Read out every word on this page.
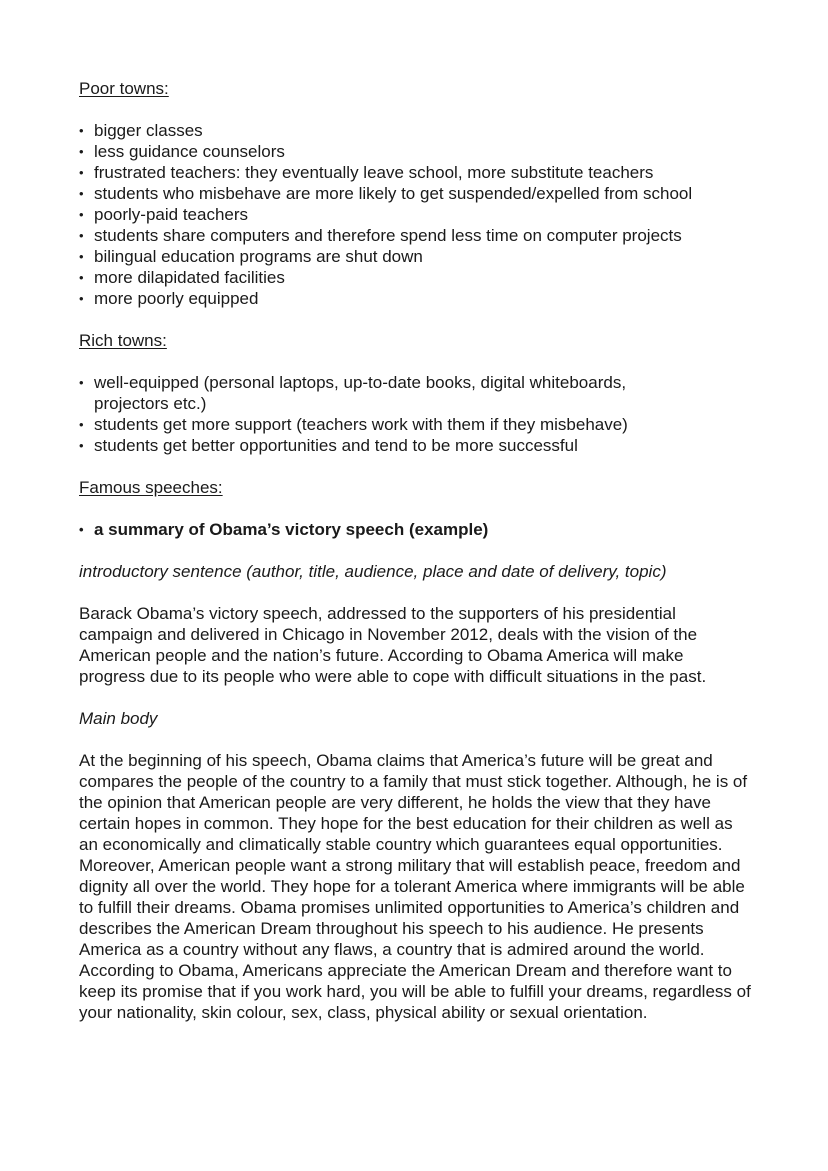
Poor towns:

• bigger classes
• less guidance counselors
• frustrated teachers: they eventually leave school, more substitute teachers
• students who misbehave are more likely to get suspended/expelled from school
• poorly-paid teachers
• students share computers and therefore spend less time on computer projects
• bilingual education programs are shut down
• more dilapidated facilities
• more poorly equipped

Rich towns:

• well-equipped (personal laptops, up-to-date books, digital whiteboards, projectors etc.)
• students get more support (teachers work with them if they misbehave)
• students get better opportunities and tend to be more successful

Famous speeches:

• a summary of Obama’s victory speech (example)

introductory sentence (author, title, audience, place and date of delivery, topic)

Barack Obama’s victory speech, addressed to the supporters of his presidential campaign and delivered in Chicago in November 2012, deals with the vision of the American people and the nation’s future. According to Obama America will make progress due to its people who were able to cope with difficult situations in the past.

Main body

At the beginning of his speech, Obama claims that America’s future will be great and compares the people of the country to a family that must stick together. Although, he is of the opinion that American people are very different, he holds the view that they have certain hopes in common. They hope for the best education for their children as well as an economically and climatically stable country which guarantees equal opportunities. Moreover, American people want a strong military that will establish peace, freedom and dignity all over the world. They hope for a tolerant America where immigrants will be able to fulfill their dreams. Obama promises unlimited opportunities to America’s children and describes the American Dream throughout his speech to his audience. He presents America as a country without any flaws, a country that is admired around the world. According to Obama, Americans appreciate the American Dream and therefore want to keep its promise that if you work hard, you will be able to fulfill your dreams, regardless of your nationality, skin colour, sex, class, physical ability or sexual orientation.
